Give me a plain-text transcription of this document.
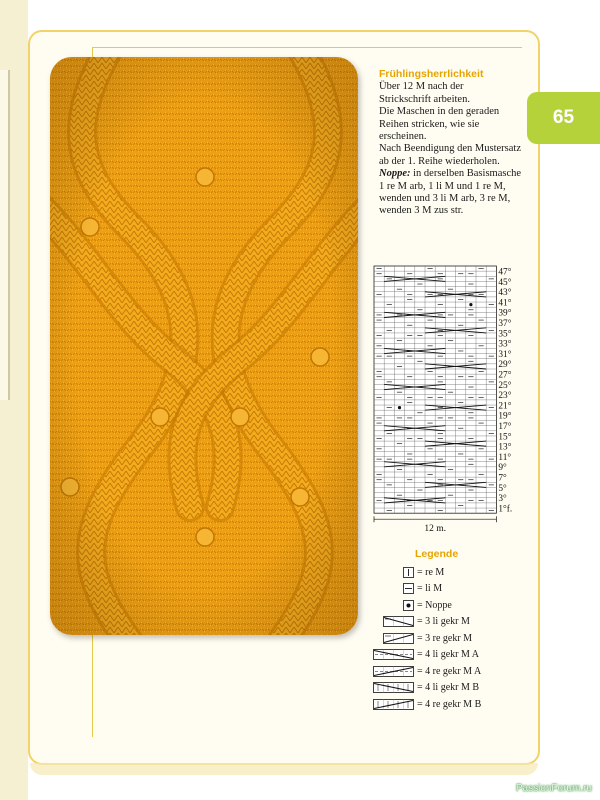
65
Frühlingsherrlichkeit

Über 12 M nach der

Strickschrift arbeiten.

Die Maschen in den geraden

Reihen stricken, wie sie

erscheinen.

Nach Beendigung den Mustersatz

ab der 1. Reihe wiederholen.

Noppe: in derselben Basismasche

1 re M arb, 1 li M und 1 re M,

wenden und 3 li M arb, 3 re M,

wenden 3 M zus str.

47°
45°
43°
41°
39°
37°
35°
33°
31°
29°
27°
25°
23°
21°
19°
17°
15°
13°
11°
9°
7°
5°
3°
1°f.
12 m.
Legende
= re M
= li M
= Noppe
= 3 li gekr M
= 3 re gekr M
= 4 li gekr M A
= 4 re gekr M A
= 4 li gekr M B
= 4 re gekr M B
PassionForum.ru
